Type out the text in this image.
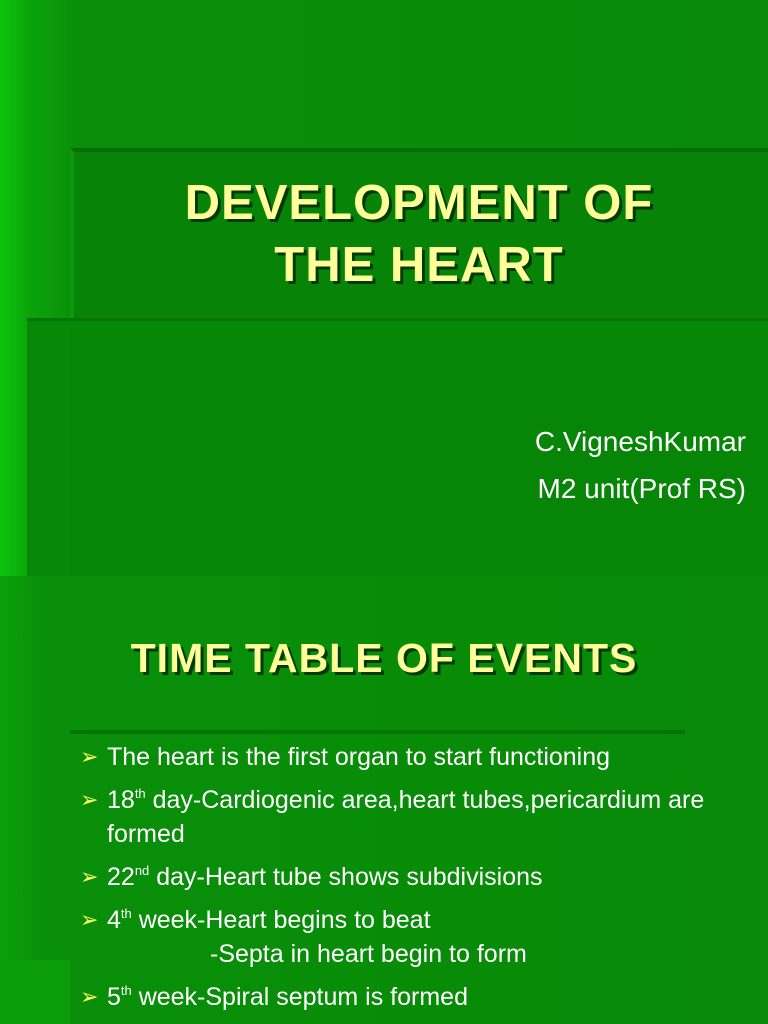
DEVELOPMENT OF
THE HEART
C.VigneshKumar
M2 unit(Prof RS)
TIME TABLE OF EVENTS
➢ The heart is the first organ to start functioning
➢ 18th day-Cardiogenic area,heart tubes,pericardium are formed
➢ 22nd day-Heart tube shows subdivisions
➢ 4th week-Heart begins to beat
-Septa in heart begin to form
➢ 5th week-Spiral septum is formed
